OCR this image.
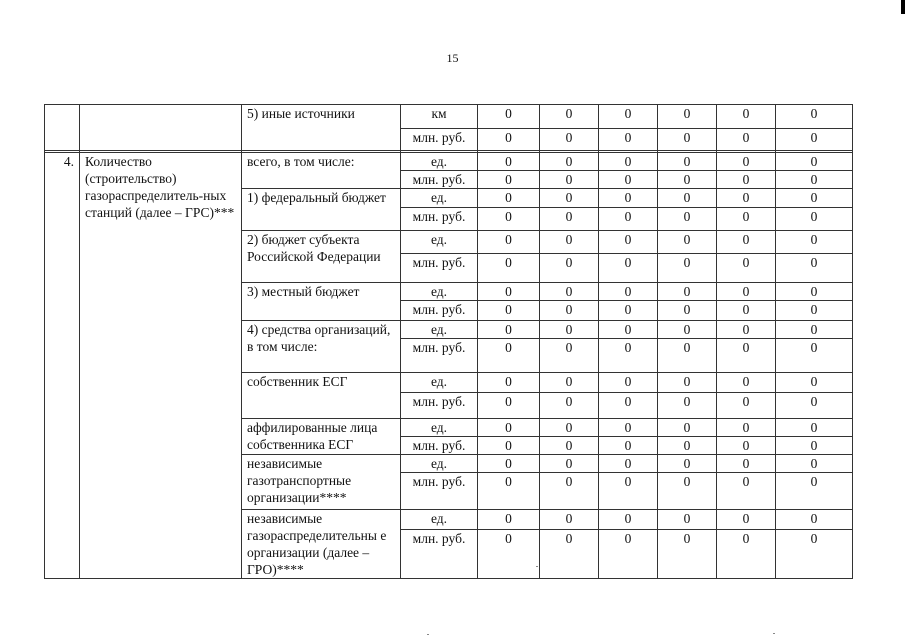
15
		5) иные источники	км	0	0	0	0	0	0
			млн. руб.	0	0	0	0	0	0

4.	Количество (строительство) газораспределитель-ных станций (далее – ГРС)***	всего, в том числе:	ед.	0	0	0	0	0	0
			млн. руб.	0	0	0	0	0	0
		1) федеральный бюджет	ед.	0	0	0	0	0	0
			млн. руб.	0	0	0	0	0	0
		2) бюджет субъекта Российской Федерации	ед.	0	0	0	0	0	0
			млн. руб.	0	0	0	0	0	0
		3) местный бюджет	ед.	0	0	0	0	0	0
			млн. руб.	0	0	0	0	0	0
		4) средства организаций, в том числе:	ед.	0	0	0	0	0	0
			млн. руб.	0	0	0	0	0	0
		собственник ЕСГ	ед.	0	0	0	0	0	0
			млн. руб.	0	0	0	0	0	0
		аффилированные лица собственника ЕСГ	ед.	0	0	0	0	0	0
			млн. руб.	0	0	0	0	0	0
		независимые газотранспортные организации****	ед.	0	0	0	0	0	0
			млн. руб.	0	0	0	0	0	0
		независимые газораспределительны е организации (далее – ГРО)****	ед.	0	0	0	0	0	0
			млн. руб.	0	0	0	0	0	0
